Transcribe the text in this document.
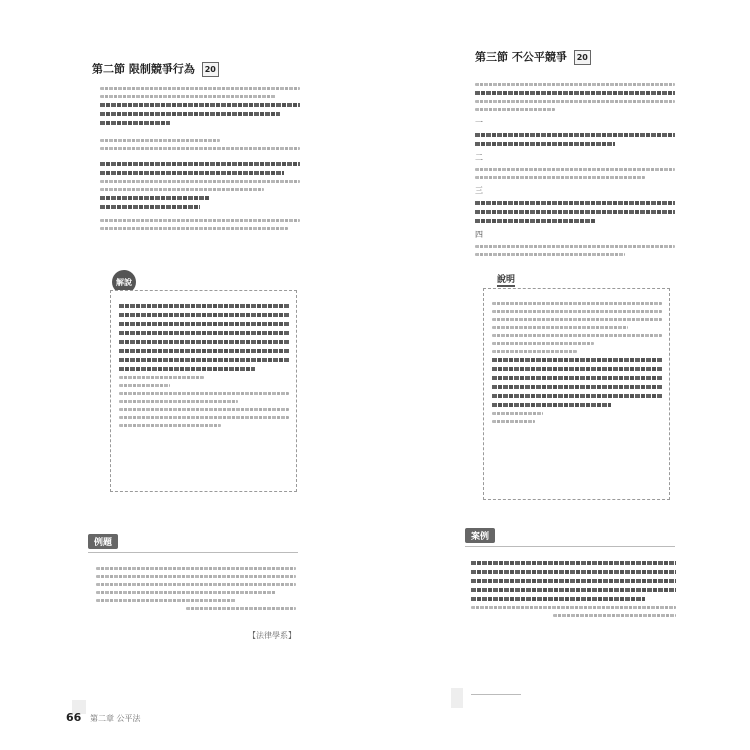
第二節 限制競爭行為 20
解說
例題
【法律學系】
66 第二章 公平法
第三節 不公平競爭 20
一
二
三
四
說明
案例
